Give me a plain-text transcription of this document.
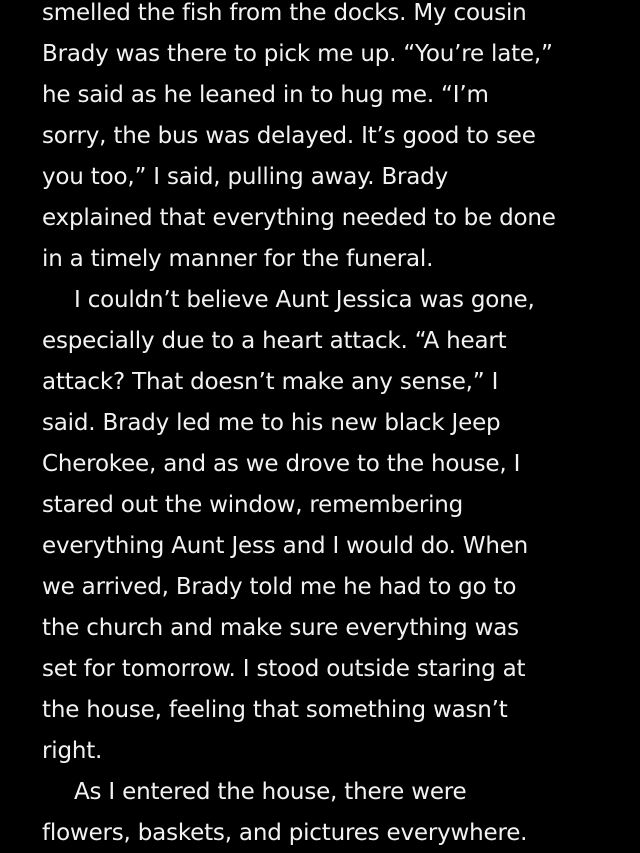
smelled the fish from the docks. My cousin
Brady was there to pick me up. “You’re late,”
he said as he leaned in to hug me. “I’m
sorry, the bus was delayed. It’s good to see
you too,” I said, pulling away. Brady
explained that everything needed to be done
in a timely manner for the funeral.
I couldn’t believe Aunt Jessica was gone,
especially due to a heart attack. “A heart
attack? That doesn’t make any sense,” I
said. Brady led me to his new black Jeep
Cherokee, and as we drove to the house, I
stared out the window, remembering
everything Aunt Jess and I would do. When
we arrived, Brady told me he had to go to
the church and make sure everything was
set for tomorrow. I stood outside staring at
the house, feeling that something wasn’t
right.
As I entered the house, there were
flowers, baskets, and pictures everywhere.
